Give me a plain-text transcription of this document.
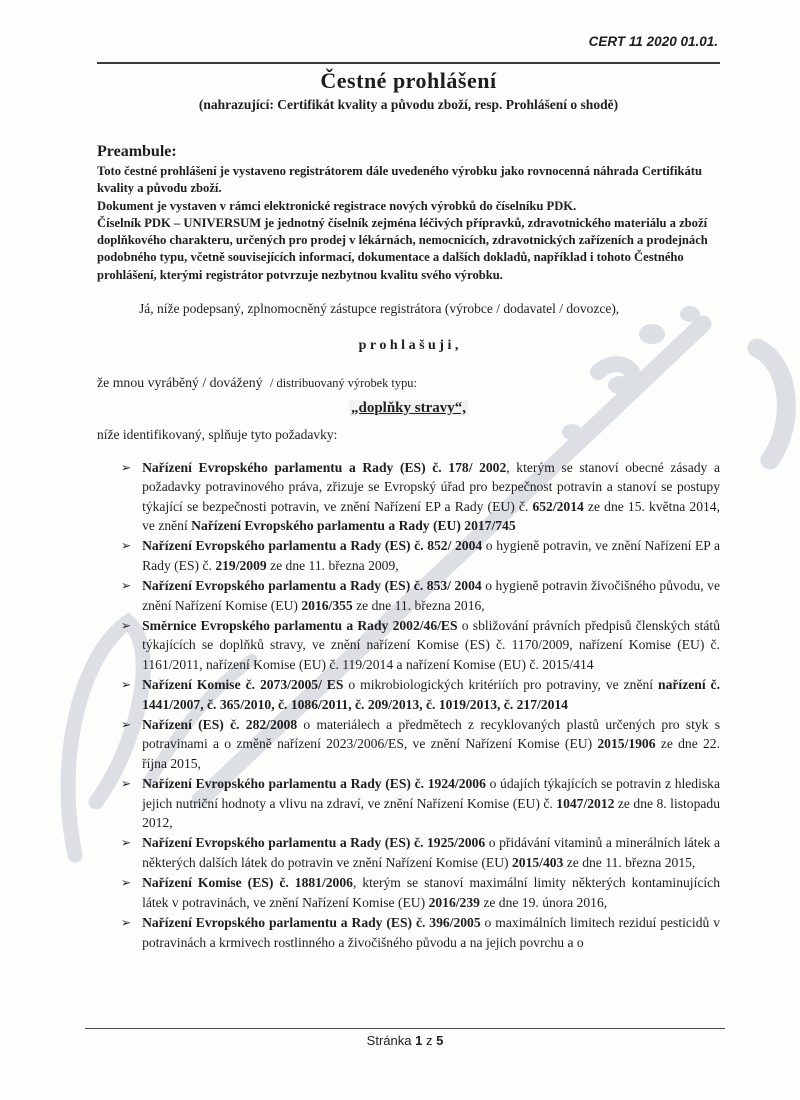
CERT 11 2020 01.01.
Čestné prohlášení
(nahrazující: Certifikát kvality a původu zboží, resp. Prohlášení o shodě)
Preambule:

Toto čestné prohlášení je vystaveno registrátorem dále uvedeného výrobku jako rovnocenná náhrada Certifikátu kvality a původu zboží.

Dokument je vystaven v rámci elektronické registrace nových výrobků do číselníku PDK.

Číselník PDK – UNIVERSUM je jednotný číselník zejména léčivých přípravků, zdravotnického materiálu a zboží doplňkového charakteru, určených pro prodej v lékárnách, nemocnicích, zdravotnických zařízeních a prodejnách podobného typu, včetně souvisejících informací, dokumentace a dalších dokladů, například i tohoto Čestného prohlášení, kterými registrátor potvrzuje nezbytnou kvalitu svého výrobku.

Já, níže podepsaný, zplnomocněný zástupce registrátora (výrobce / dodavatel / dovozce),

p r o h l a š u j i ,

že mnou vyráběný / dovážený / distribuovaný výrobek typu:

„doplňky stravy“,

níže identifikovaný, splňuje tyto požadavky:

➢ Nařízení Evropského parlamentu a Rady (ES) č. 178/ 2002, kterým se stanoví obecné zásady a požadavky potravinového práva, zřizuje se Evropský úřad pro bezpečnost potravin a stanoví se postupy týkající se bezpečnosti potravin, ve znění Nařízení EP a Rady (EU) č. 652/2014 ze dne 15. května 2014, ve znění Nařízení Evropského parlamentu a Rady (EU) 2017/745
➢ Nařízení Evropského parlamentu a Rady (ES) č. 852/ 2004 o hygieně potravin, ve znění Nařízení EP a Rady (ES) č. 219/2009 ze dne 11. března 2009,
➢ Nařízení Evropského parlamentu a Rady (ES) č. 853/ 2004 o hygieně potravin živočišného původu, ve znění Nařízení Komise (EU) 2016/355 ze dne 11. března 2016,
➢ Směrnice Evropského parlamentu a Rady 2002/46/ES o sbližování právních předpisů členských států týkajících se doplňků stravy, ve znění nařízení Komise (ES) č. 1170/2009, nařízení Komise (EU) č. 1161/2011, nařízení Komise (EU) č. 119/2014 a nařízení Komise (EU) č. 2015/414
➢ Nařízení Komise č. 2073/2005/ ES o mikrobiologických kritériích pro potraviny, ve znění nařízení č. 1441/2007, č. 365/2010, č. 1086/2011, č. 209/2013, č. 1019/2013, č. 217/2014
➢ Nařízení (ES) č. 282/2008 o materiálech a předmětech z recyklovaných plastů určených pro styk s potravinami a o změně nařízení 2023/2006/ES, ve znění Nařízení Komise (EU) 2015/1906 ze dne 22. října 2015,
➢ Nařízení Evropského parlamentu a Rady (ES) č. 1924/2006 o údajích týkajících se potravin z hlediska jejich nutriční hodnoty a vlivu na zdraví, ve znění Nařízení Komise (EU) č. 1047/2012 ze dne 8. listopadu 2012,
➢ Nařízení Evropského parlamentu a Rady (ES) č. 1925/2006 o přidávání vitaminů a minerálních látek a některých dalších látek do potravin ve znění Nařízení Komise (EU) 2015/403 ze dne 11. března 2015,
➢ Nařízení Komise (ES) č. 1881/2006, kterým se stanoví maximální limity některých kontaminujících látek v potravinách, ve znění Nařízení Komise (EU) 2016/239 ze dne 19. února 2016,
➢ Nařízení Evropského parlamentu a Rady (ES) č. 396/2005 o maximálních limitech reziduí pesticidů v potravinách a krmivech rostlinného a živočišného původu a na jejich povrchu a o
Stránka 1 z 5
